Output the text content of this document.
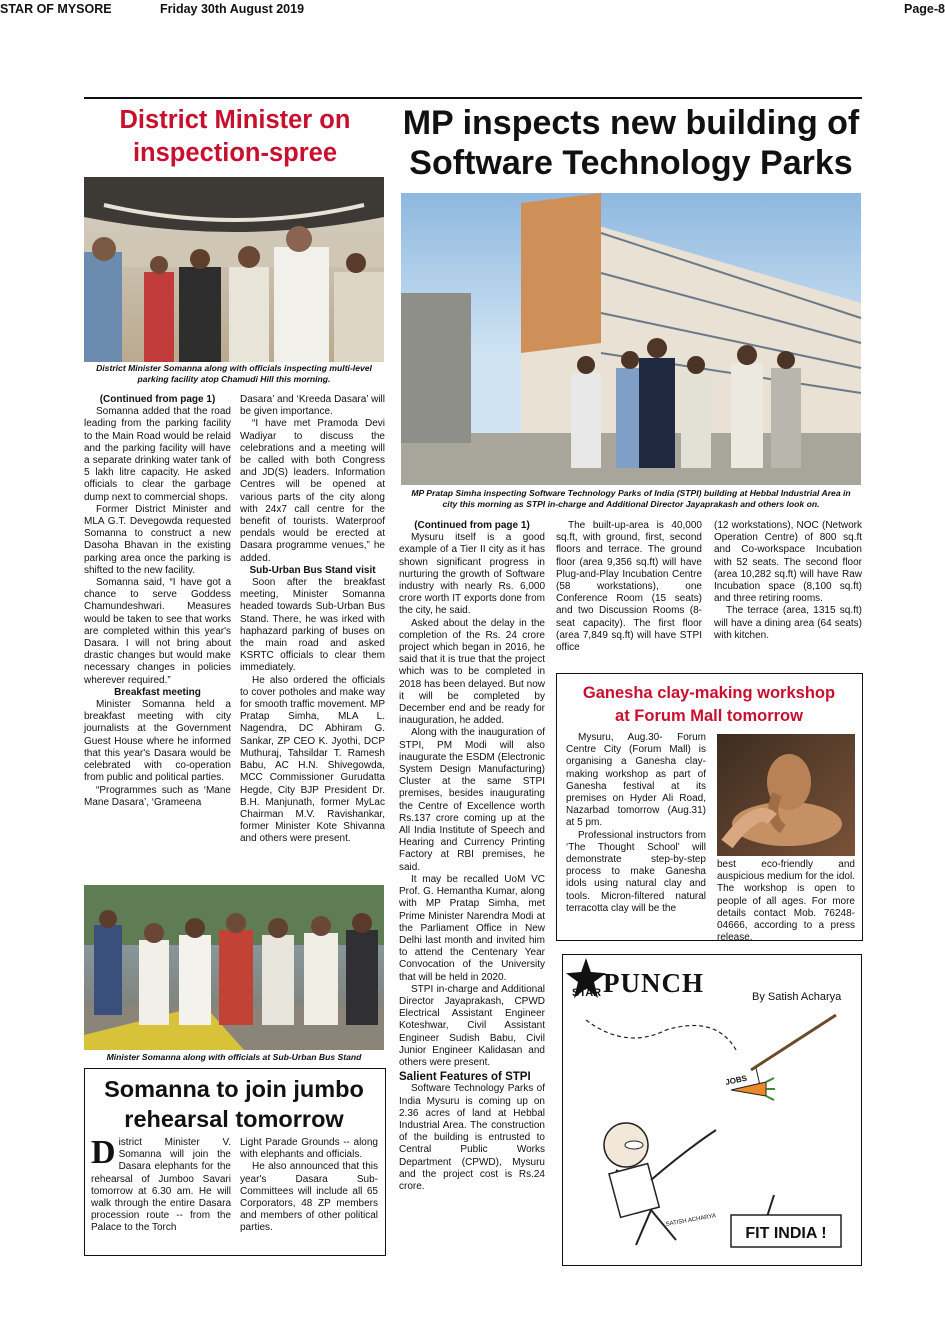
STAR OF MYSORE	Friday 30th August 2019	Page-8
District Minister on
inspection-spree
District Minister Somanna along with officials inspecting multi-level
parking facility atop Chamudi Hill this morning.

(Continued from page 1)

Somanna added that the road leading from the parking facility to the Main Road would be relaid and the parking facility will have a separate drinking water tank of 5 lakh litre capacity. He asked officials to clear the garbage dump next to commercial shops.

Former District Minister and MLA G.T. Devegowda requested Somanna to construct a new Dasoha Bhavan in the existing parking area once the parking is shifted to the new facility.

Somanna said, “I have got a chance to serve Goddess Chamundeshwari. Measures would be taken to see that works are completed within this year's Dasara. I will not bring about drastic changes but would make necessary changes in policies wherever required.”

Breakfast meeting

Minister Somanna held a breakfast meeting with city journalists at the Government Guest House where he informed that this year's Dasara would be celebrated with co-operation from public and political parties.

“Programmes such as ‘Mane Mane Dasara’, ‘Grameena

Dasara’ and ‘Kreeda Dasara’ will be given importance.

“I have met Pramoda Devi Wadiyar to discuss the celebrations and a meeting will be called with both Congress and JD(S) leaders. Information Centres will be opened at various parts of the city along with 24x7 call centre for the benefit of tourists. Waterproof pendals would be erected at Dasara programme venues,” he added.

Sub-Urban Bus Stand visit

Soon after the breakfast meeting, Minister Somanna headed towards Sub-Urban Bus Stand. There, he was irked with haphazard parking of buses on the main road and asked KSRTC officials to clear them immediately.

He also ordered the officials to cover potholes and make way for smooth traffic movement. MP Pratap Simha, MLA L. Nagendra, DC Abhiram G. Sankar, ZP CEO K. Jyothi, DCP Muthuraj, Tahsildar T. Ramesh Babu, AC H.N. Shivegowda, MCC Commissioner Gurudatta Hegde, City BJP President Dr. B.H. Manjunath, former MyLac Chairman M.V. Ravishankar, former Minister Kote Shivanna and others were present.

Minister Somanna along with officials at Sub-Urban Bus Stand
Somanna to join jumbo
rehearsal tomorrow
District Minister V. Somanna will join the Dasara elephants for the rehearsal of Jumboo Savari tomorrow at 6.30 am. He will walk through the entire Dasara procession route -- from the Palace to the Torch

Light Parade Grounds -- along with elephants and officials.

He also announced that this year's Dasara Sub-Committees will include all 65 Corporators, 48 ZP members and members of other political parties.

MP inspects new building of
Software Technology Parks
MP Pratap Simha inspecting Software Technology Parks of India (STPI) building at Hebbal Industrial Area in
city this morning as STPI in-charge and Additional Director Jayaprakash and others look on.

(Continued from page 1)

Mysuru itself is a good example of a Tier II city as it has shown significant progress in nurturing the growth of Software industry with nearly Rs. 6,000 crore worth IT exports done from the city, he said.

Asked about the delay in the completion of the Rs. 24 crore project which began in 2016, he said that it is true that the project which was to be completed in 2018 has been delayed. But now it will be completed by December end and be ready for inauguration, he added.

Along with the inauguration of STPI, PM Modi will also inaugurate the ESDM (Electronic System Design Manufacturing) Cluster at the same STPI premises, besides inaugurating the Centre of Excellence worth Rs.137 crore coming up at the All India Institute of Speech and Hearing and Currency Printing Factory at RBI premises, he said.

It may be recalled UoM VC Prof. G. Hemantha Kumar, along with MP Pratap Simha, met Prime Minister Narendra Modi at the Parliament Office in New Delhi last month and invited him to attend the Centenary Year Convocation of the University that will be held in 2020.

STPI in-charge and Additional Director Jayaprakash, CPWD Electrical Assistant Engineer Koteshwar, Civil Assistant Engineer Sudish Babu, Civil Junior Engineer Kalidasan and others were present.

Salient Features of STPI

Software Technology Parks of India Mysuru is coming up on 2.36 acres of land at Hebbal Industrial Area. The construction of the building is entrusted to Central Public Works Department (CPWD), Mysuru and the project cost is Rs.24 crore.

The built-up-area is 40,000 sq.ft, with ground, first, second floors and terrace. The ground floor (area 9,356 sq.ft) will have Plug-and-Play Incubation Centre (58 workstations), one Conference Room (15 seats) and two Discussion Rooms (8-seat capacity). The first floor (area 7,849 sq.ft) will have STPI office

(12 workstations), NOC (Network Operation Centre) of 800 sq.ft and Co-workspace Incubation with 52 seats. The second floor (area 10,282 sq.ft) will have Raw Incubation space (8,100 sq.ft) and three retiring rooms.

The terrace (area, 1315 sq.ft) will have a dining area (64 seats) with kitchen.

Ganesha clay-making workshop
at Forum Mall tomorrow

Mysuru, Aug.30- Forum Centre City (Forum Mall) is organising a Ganesha clay-making workshop as part of Ganesha festival at its premises on Hyder Ali Road, Nazarbad tomorrow (Aug.31) at 5 pm.

Professional instructors from ‘The Thought School’ will demonstrate step-by-step process to make Ganesha idols using natural clay and tools. Micron-filtered natural terracotta clay will be the

best eco-friendly and auspicious medium for the idol. The workshop is open to people of all ages. For more details contact Mob. 76248-04666, according to a press release.

STAR PUNCH	By Satish Acharya
FIT INDIA !
JOBS
SATISH ACHARYA
